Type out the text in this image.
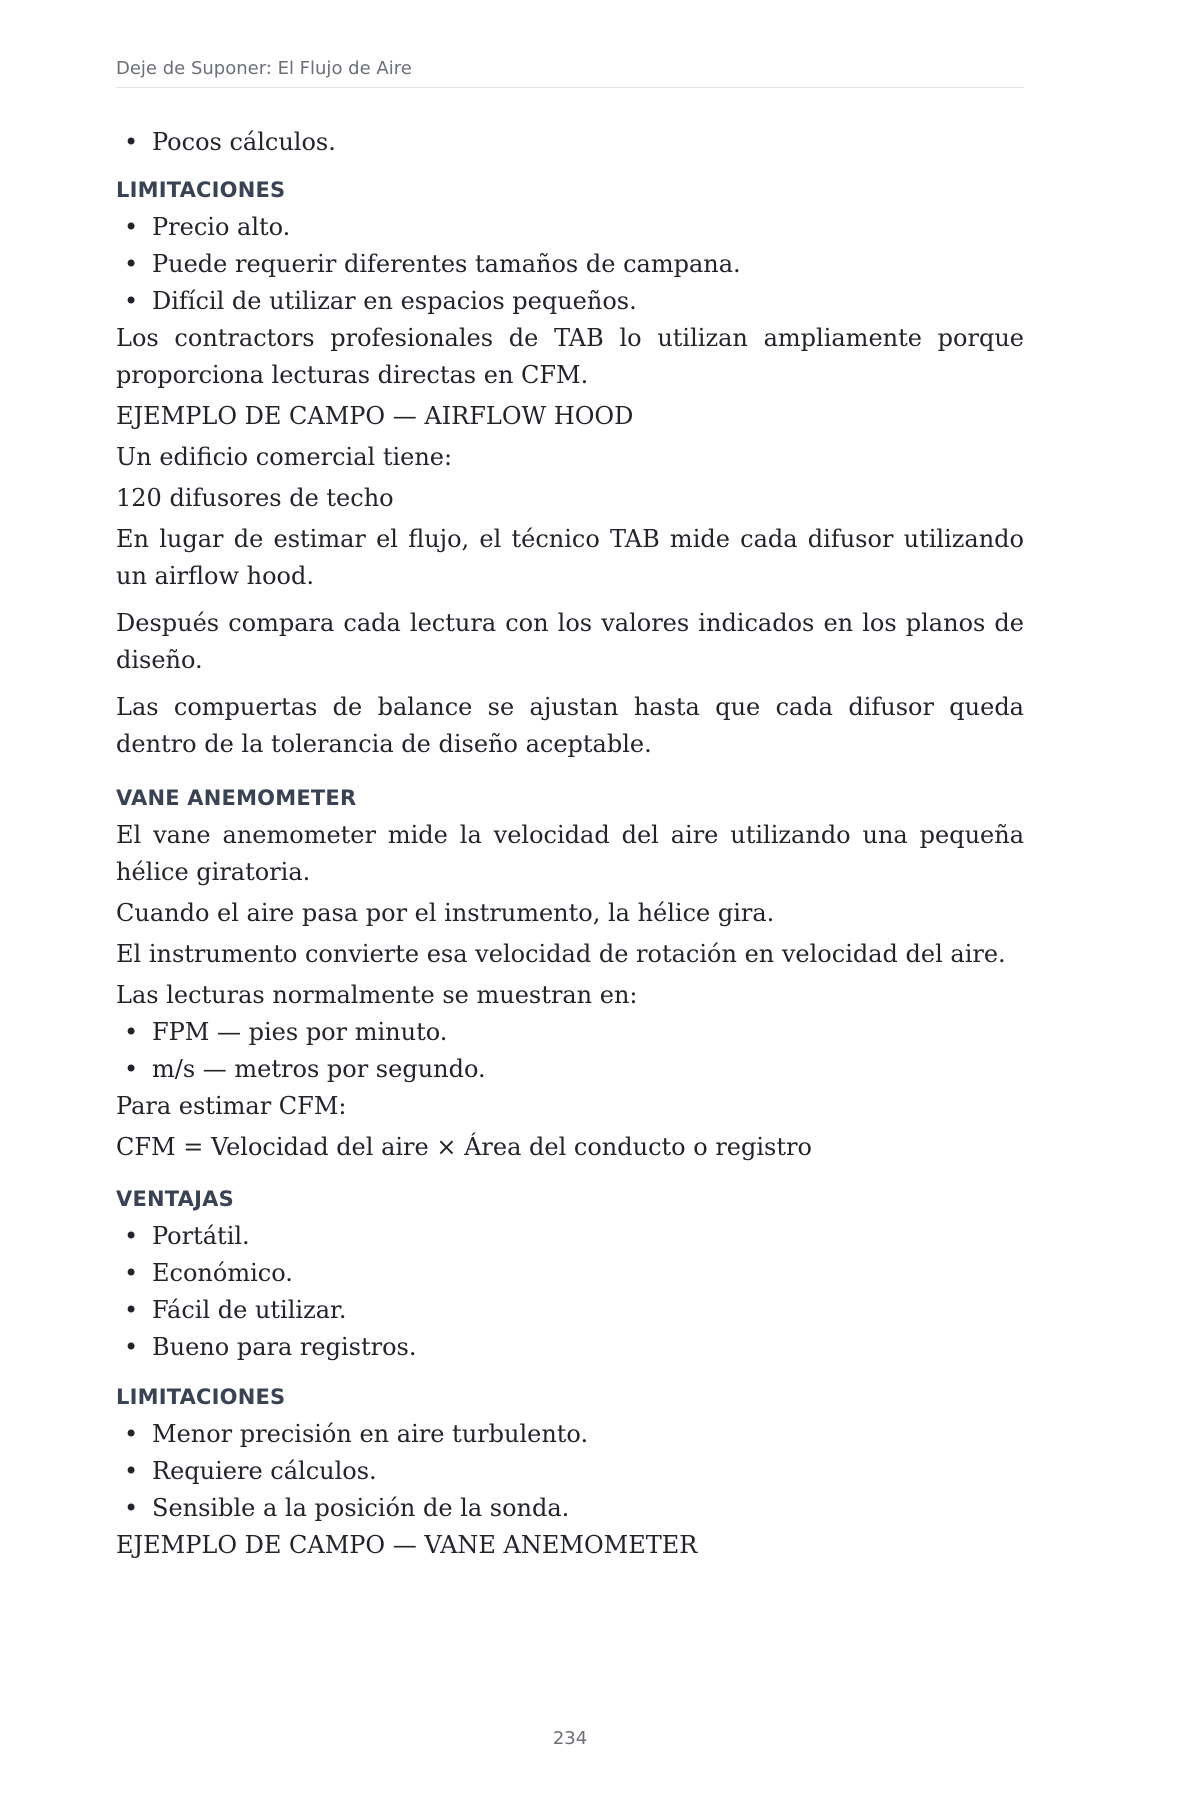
Deje de Suponer: El Flujo de Aire
• Pocos cálculos.
LIMITACIONES
• Precio alto.
• Puede requerir diferentes tamaños de campana.
• Difícil de utilizar en espacios pequeños.

Los contractors profesionales de TAB lo utilizan ampliamente porque proporciona lecturas directas en CFM.

EJEMPLO DE CAMPO — AIRFLOW HOOD

Un edificio comercial tiene:

120 difusores de techo

En lugar de estimar el flujo, el técnico TAB mide cada difusor utilizando un airflow hood.

Después compara cada lectura con los valores indicados en los planos de diseño.

Las compuertas de balance se ajustan hasta que cada difusor queda dentro de la tolerancia de diseño aceptable.

VANE ANEMOMETER

El vane anemometer mide la velocidad del aire utilizando una pequeña hélice giratoria.

Cuando el aire pasa por el instrumento, la hélice gira.

El instrumento convierte esa velocidad de rotación en velocidad del aire.

Las lecturas normalmente se muestran en:

• FPM — pies por minuto.
• m/s — metros por segundo.

Para estimar CFM:

CFM = Velocidad del aire × Área del conducto o registro

VENTAJAS
• Portátil.
• Económico.
• Fácil de utilizar.
• Bueno para registros.
LIMITACIONES
• Menor precisión en aire turbulento.
• Requiere cálculos.
• Sensible a la posición de la sonda.

EJEMPLO DE CAMPO — VANE ANEMOMETER

234
